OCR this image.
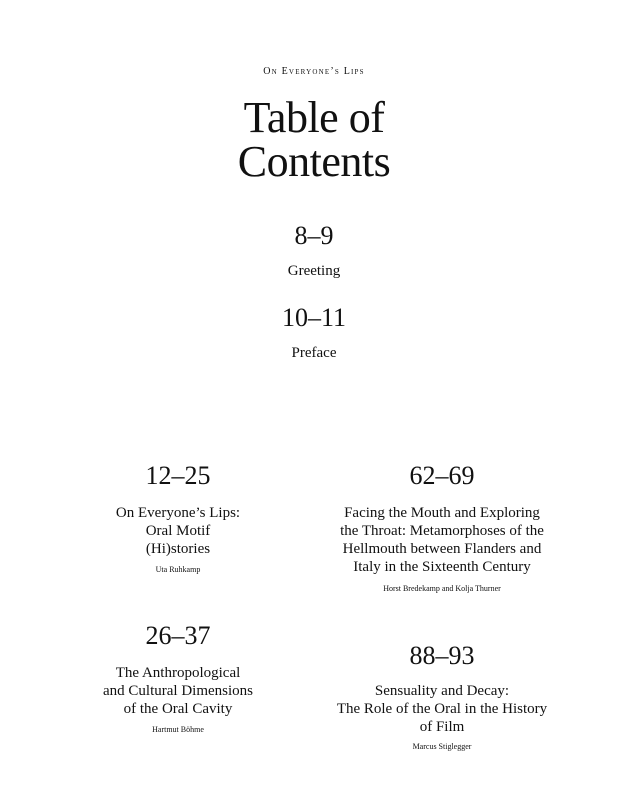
On Everyone’s Lips
Table of
Contents
8–9
Greeting
10–11
Preface
12–25
On Everyone’s Lips:
Oral Motif
(Hi)stories
Uta Ruhkamp
62–69
Facing the Mouth and Exploring
the Throat: Metamorphoses of the
Hellmouth between Flanders and
Italy in the Sixteenth Century
Horst Bredekamp and Kolja Thurner
26–37
The Anthropological
and Cultural Dimensions
of the Oral Cavity
Hartmut Böhme
88–93
Sensuality and Decay:
The Role of the Oral in the History
of Film
Marcus Stiglegger
